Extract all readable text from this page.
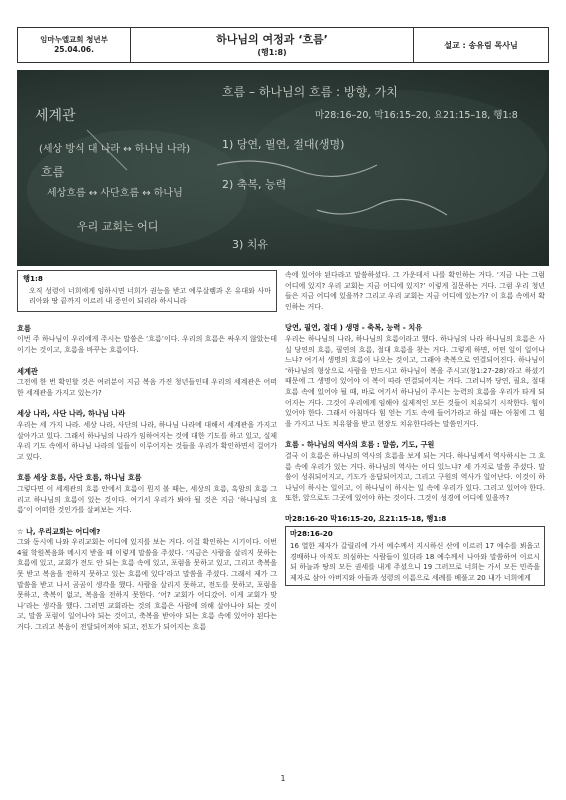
임마누엘교회 청년부
25.04.06.
하나님의 여정과 ‘흐름’
(행1:8)
설교 : 송유림 목사님
세계관
(세상 방식 대 나라 ↔ 하나님 나라)
흐름
세상흐름 ↔ 사단흐름 ↔ 하나님
우리 교회는 어디
흐름 – 하나님의 흐름 : 방향, 가치
마28:16–20, 막16:15–20, 요21:15–18, 행1:8
1) 당연, 필연, 절대(생명)
2) 축복, 능력
3) 치유
행1:8

오직 성령이 너희에게 임하시면 너희가 권능을 받고 예루살렘과 온 유대와 사마리아와 땅 끝까지 이르러 내 증인이 되리라 하시니라

흐름

이번 주 하나님이 우리에게 주시는 말씀은 ‘흐름’이다. 우리의 흐름은 싸우지 않았는데 이기는 것이고, 흐름을 바꾸는 흐름이다.

세계관

그전에 한 번 확인할 것은 여러분이 지금 복음 가진 청년들인데 우리의 세계관은 어떠한 세계관을 가지고 있는가?

세상 나라, 사단 나라, 하나님 나라

우리는 세 가지 나라. 세상 나라, 사단의 나라, 하나님 나라에 대해서 세계관을 가지고 살아가고 있다. 그래서 하나님의 나라가 임하여지는 것에 대한 기도를 하고 있고, 실제 우리 기도 속에서 하나님 나라의 일들이 이루어지는 것들을 우리가 확인하면서 걸어가고 있다.

흐름 세상 흐름, 사단 흐름, 하나님 흐름

그렇다면 이 세계관의 흐름 안에서 흐름이 뭔지 볼 때는, 세상의 흐름, 흑암의 흐름 그리고 하나님의 흐름이 있는 것이다. 여기서 우리가 봐야 될 것은 지금 ‘하나님의 흐름’이 어떠한 것인가를 살펴보는 거다.

☆ 나, 우리교회는 어디에?

그와 동시에 나와 우리교회는 어디에 있지를 보는 거다. 이걸 확인하는 시기이다. 이번 4월 학원복음화 메시지 받을 때 이렇게 말씀을 주셨다. ‘지금은 사람을 살리지 못하는 흐름에 있고, 교회가 전도 안 되는 흐름 속에 있고, 포럼을 못하고 있고, 그리고 축복을 못 받고 복음을 전하지 못하고 있는 흐름에 있다’라고 말씀을 주셨다. 그래서 제가 그 말씀을 받고 나서 곰곰이 생각을 했다. 사람을 살리지 못하고, 전도를 못하고, 포럼을 못하고, 축복이 없고, 복음을 전하지 못한다. ‘어? 교회가 어디갔어. 이게 교회가 맞나’라는 생각을 했다. 그러면 교회라는 것의 흐름은 사람에 의해 살아나야 되는 것이고, 말씀 포럼이 일어나야 되는 것이고, 축복을 받아야 되는 흐름 속에 있어야 된다는 거다. 그리고 복음이 전달되어져야 되고, 전도가 되어지는 흐름

속에 있어야 된다라고 말씀하셨다. 그 가운데서 나를 확인하는 거다. ‘지금 나는 그럼 어디에 있지? 우리 교회는 지금 어디에 있지?’ 이렇게 질문하는 거다. 그럼 우리 청년들은 지금 어디에 있을까? 그리고 우리 교회는 지금 어디에 있는가? 이 흐름 속에서 확인하는 거다.

당연, 필연, 절대 ) 생명 - 축복, 능력 - 치유

우리는 하나님의 나라, 하나님의 흐름이라고 했다. 하나님의 나라 하나님의 흐름은 사실 당연의 흐름, 필연의 흐름, 절대 흐름을 찾는 거다. 그렇게 하면, 어떤 일이 일어나느냐? 여기서 생명의 흐름이 나오는 것이고, 그래야 축복으로 연결되어진다. 하나님이 ‘하나님의 형상으로 사람을 만드시고 하나님이 복을 주시고(창1:27-28)’라고 하셨기 때문에 그 생명이 있어야 이 복이 따라 연결되어지는 거다. 그러니까 당연, 필요, 절대 흐름 속에 있어야 될 때, 바로 여기서 하나님이 주시는 능력의 흐름을 우리가 타게 되어지는 거다. 그것이 우리에게 임해야 실제적인 모든 것들이 치유되기 시작한다. 힘이 있어야 한다. 그래서 아침마다 힘 얻는 기도 속에 들어가라고 하실 때는 아침에 그 힘을 가지고 나도 치유함을 받고 현장도 치유한다라는 말씀인거다.

흐름 - 하나님의 역사의 흐름 : 말씀, 기도, 구원

결국 이 흐름은 하나님의 역사의 흐름을 보게 되는 거다. 하나님께서 역사하시는 그 흐름 속에 우리가 있는 거다. 하나님의 역사는 어디 있느냐? 세 가지로 말씀 주셨다. 말씀이 성취되어지고, 기도가 응답되어지고, 그리고 구원의 역사가 일어난다. 이것이 하나님이 하시는 일이고, 이 하나님이 하시는 일 속에 우리가 있다. 그리고 있어야 한다. 또한, 앞으로도 그곳에 있어야 하는 것이다. 그것이 성경에 어디에 있을까?

마28:16-20 막16:15-20, 요21:15-18, 행1:8
마28:16-20

16 열한 제자가 갈릴리에 가서 예수께서 지시하신 산에 이르러 17 예수를 뵈옵고 경배하나 아직도 의심하는 사람들이 있더라 18 예수께서 나아와 말씀하여 이르시되 하늘과 땅의 모든 권세를 내게 주셨으니 19 그러므로 너희는 가서 모든 민족을 제자로 삼아 아버지와 아들과 성령의 이름으로 세례를 베풀고 20 내가 너희에게

1
